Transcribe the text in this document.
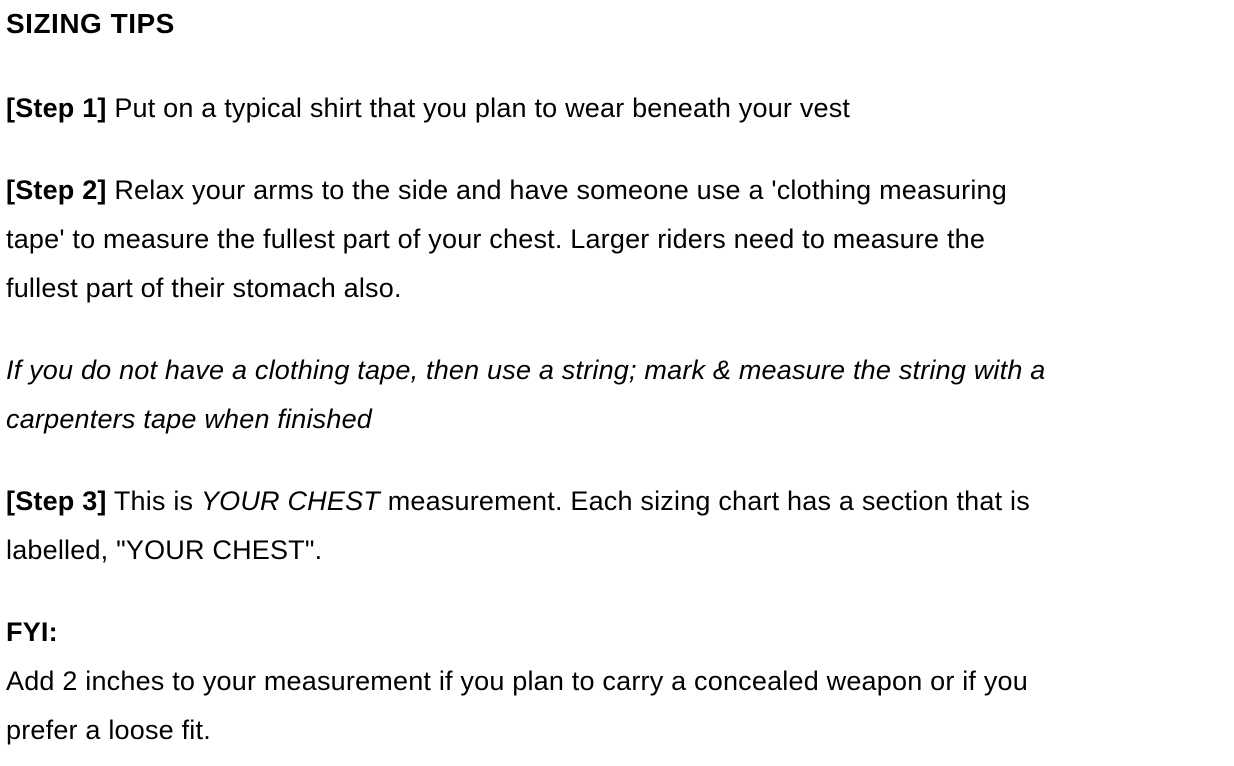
SIZING TIPS
[Step 1] Put on a typical shirt that you plan to wear beneath your vest
[Step 2] Relax your arms to the side and have someone use a 'clothing measuring
tape' to measure the fullest part of your chest. Larger riders need to measure the
fullest part of their stomach also.
If you do not have a clothing tape, then use a string; mark & measure the string with a
carpenters tape when finished
[Step 3] This is YOUR CHEST measurement. Each sizing chart has a section that is
labelled, "YOUR CHEST".
FYI:
Add 2 inches to your measurement if you plan to carry a concealed weapon or if you
prefer a loose fit.
